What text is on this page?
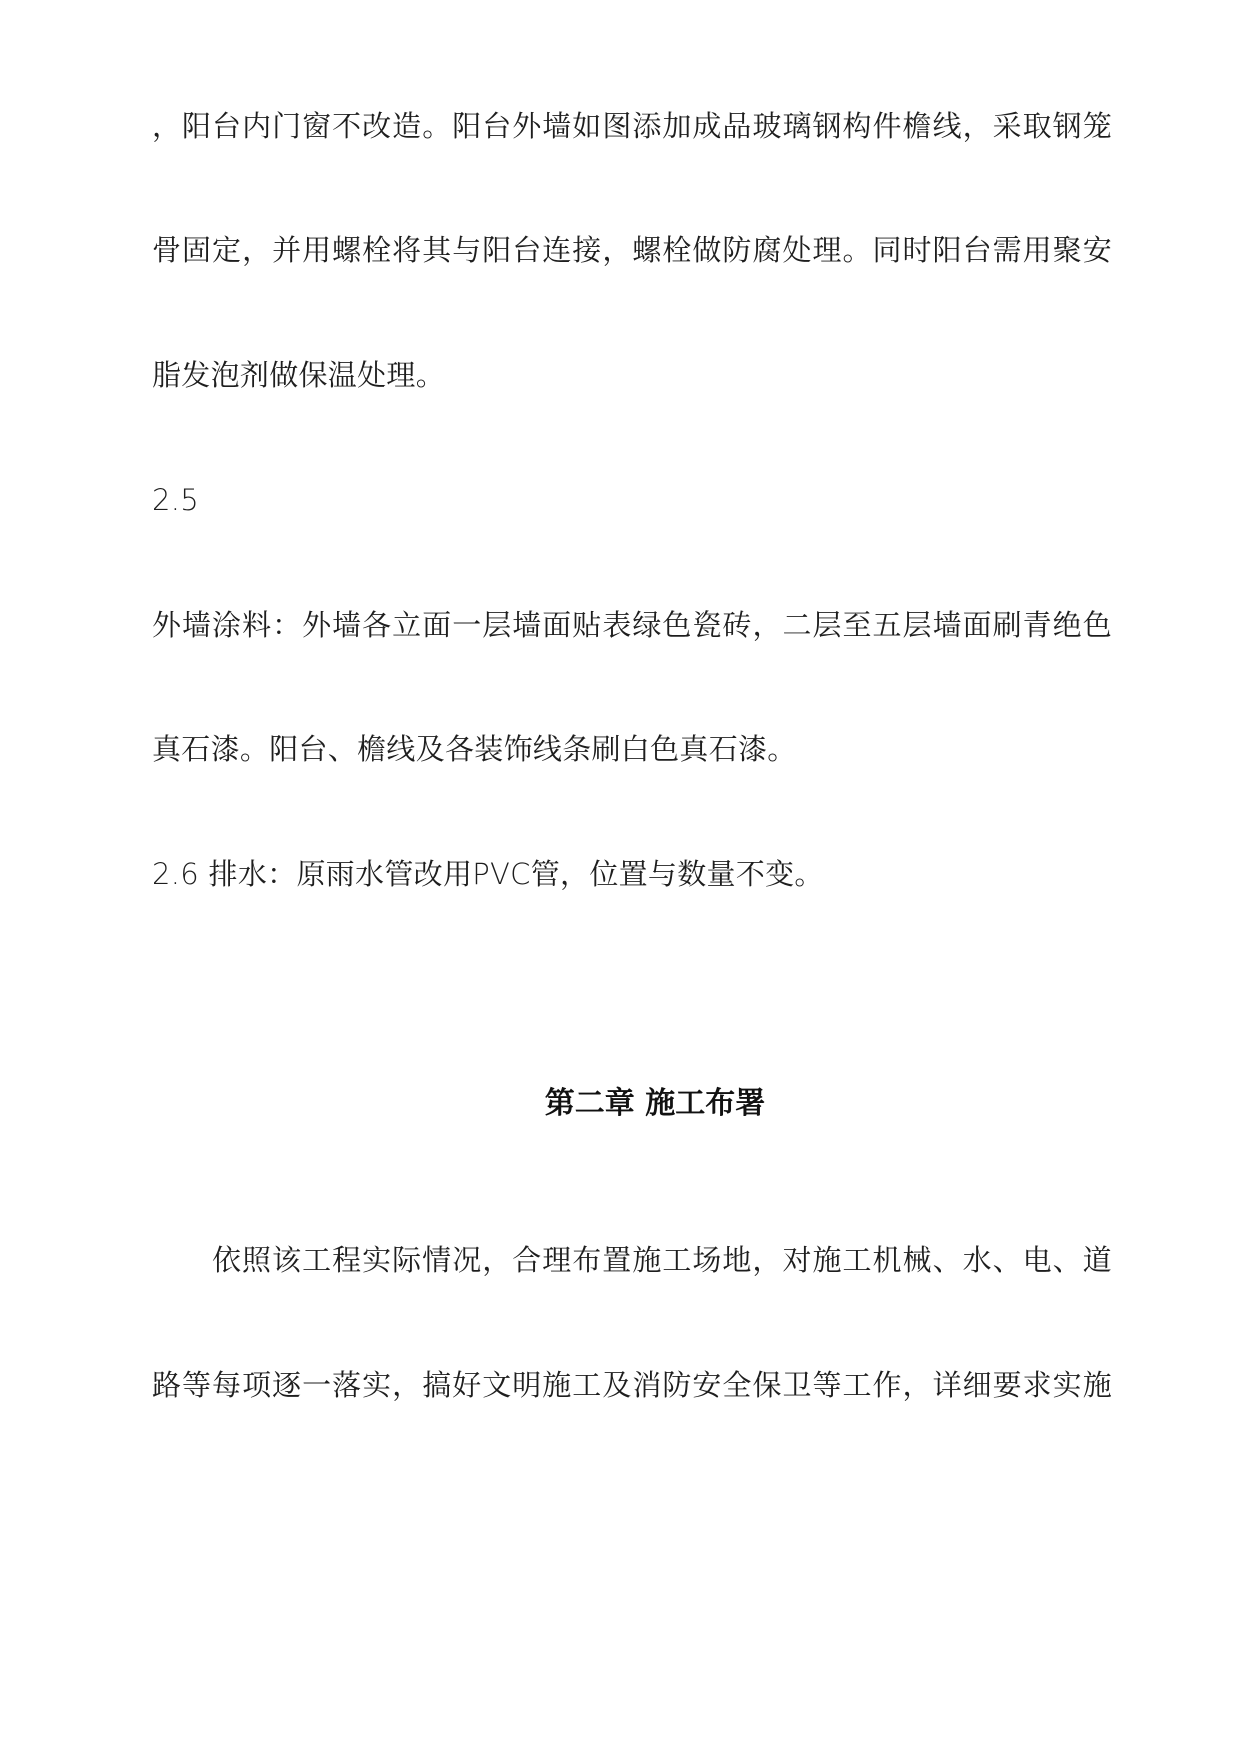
，阳台内门窗不改造。阳台外墙如图添加成品玻璃钢构件檐线，采取钢笼
骨固定，并用螺栓将其与阳台连接，螺栓做防腐处理。同时阳台需用聚安
脂发泡剂做保温处理。
2.5
外墙涂料：外墙各立面一层墙面贴表绿色瓷砖，二层至五层墙面刷青绝色
真石漆。阳台、檐线及各装饰线条刷白色真石漆。
2.6 排水：原雨水管改用PVC管，位置与数量不变。
第二章 施工布署
依照该工程实际情况，合理布置施工场地，对施工机械、水、电、道
路等每项逐一落实，搞好文明施工及消防安全保卫等工作，详细要求实施
